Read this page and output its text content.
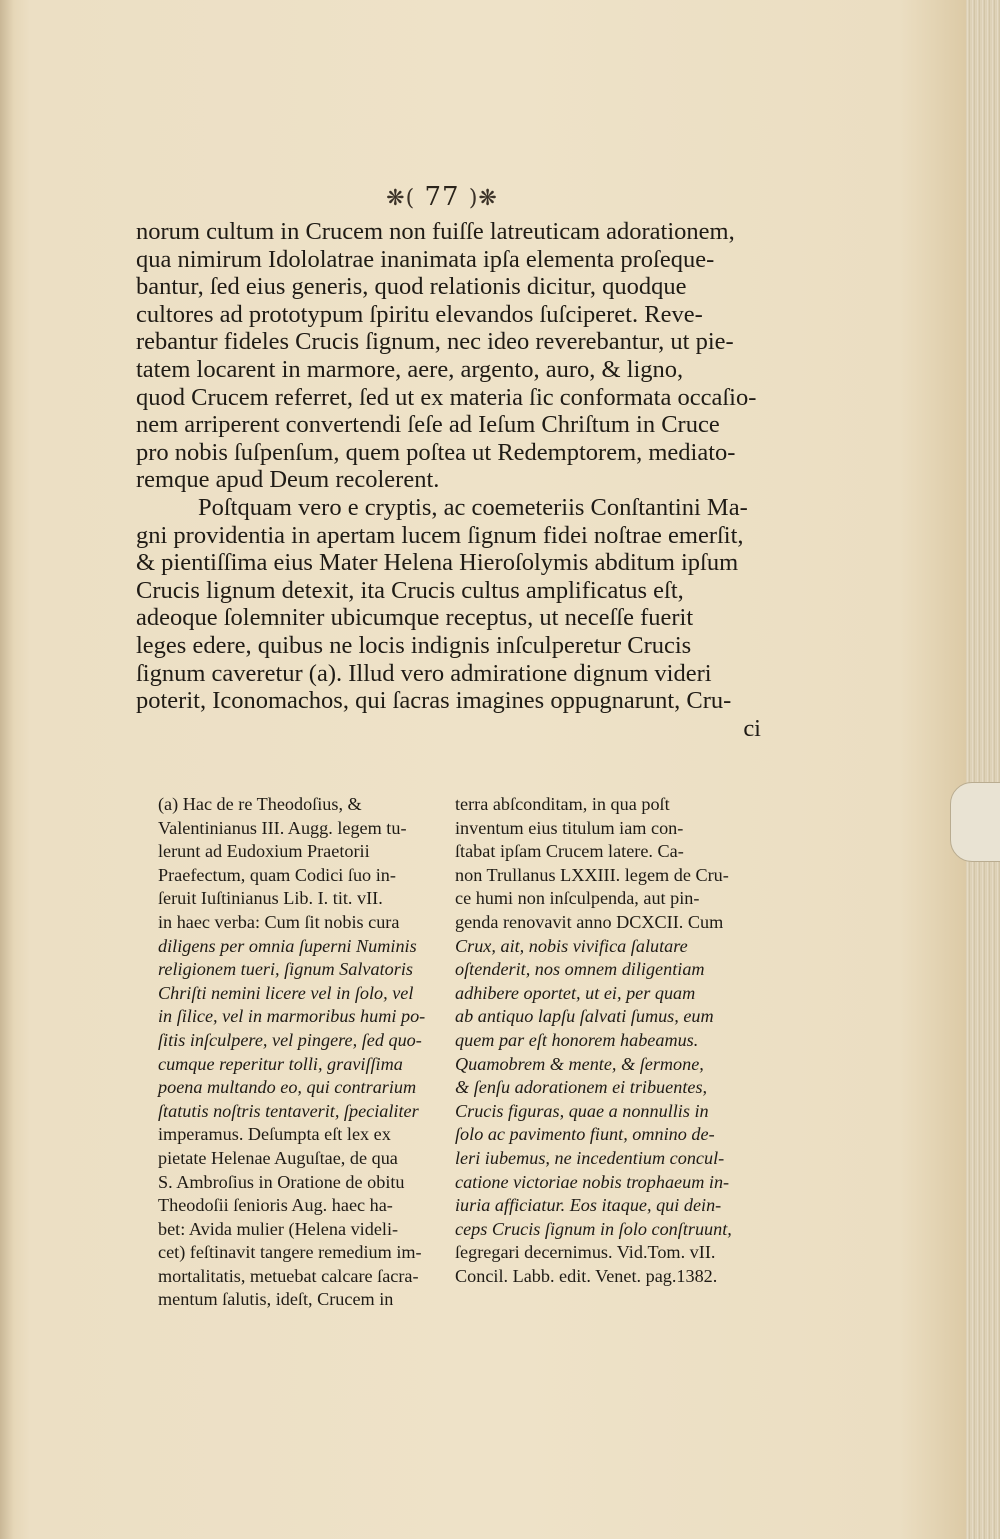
❋( 77 )❋

norum cultum in Crucem non fuiſſe latreuticam adorationem,
qua nimirum Idololatrae inanimata ipſa elementa proſeque-
bantur, ſed eius generis, quod relationis dicitur, quodque
cultores ad prototypum ſpiritu elevandos ſuſciperet. Reve-
rebantur fideles Crucis ſignum, nec ideo reverebantur, ut pie-
tatem locarent in marmore, aere, argento, auro, & ligno,
quod Crucem referret, ſed ut ex materia ſic conformata occaſio-
nem arriperent convertendi ſeſe ad Ieſum Chriſtum in Cruce
pro nobis ſuſpenſum, quem poſtea ut Redemptorem, mediato-
remque apud Deum recolerent.

Poſtquam vero e cryptis, ac coemeteriis Conſtantini Ma-
gni providentia in apertam lucem ſignum fidei noſtrae emerſit,
& pientiſſima eius Mater Helena Hieroſolymis abditum ipſum
Crucis lignum detexit, ita Crucis cultus amplificatus eſt,
adeoque ſolemniter ubicumque receptus, ut neceſſe fuerit
leges edere, quibus ne locis indignis inſculperetur Crucis
ſignum caveretur (a). Illud vero admiratione dignum videri
poterit, Iconomachos, qui ſacras imagines oppugnarunt, Cru-
ci

(a) Hac de re Theodoſius, &
Valentinianus III. Augg. legem tu-
lerunt ad Eudoxium Praetorii
Praefectum, quam Codici ſuo in-
ſeruit Iuſtinianus Lib. I. tit. vII.
in haec verba: Cum ſit nobis cura
diligens per omnia ſuperni Numinis
religionem tueri, ſignum Salvatoris
Chriſti nemini licere vel in ſolo, vel
in ſilice, vel in marmoribus humi po-
ſitis inſculpere, vel pingere, ſed quo-
cumque reperitur tolli, graviſſima
poena multando eo, qui contrarium
ſtatutis noſtris tentaverit, ſpecialiter
imperamus. Deſumpta eſt lex ex
pietate Helenae Auguſtae, de qua
S. Ambroſius in Oratione de obitu
Theodoſii ſenioris Aug. haec ha-
bet: Avida mulier (Helena videli-
cet) feſtinavit tangere remedium im-
mortalitatis, metuebat calcare ſacra-
mentum ſalutis, ideſt, Crucem in
terra abſconditam, in qua poſt
inventum eius titulum iam con-
ſtabat ipſam Crucem latere. Ca-
non Trullanus LXXIII. legem de Cru-
ce humi non inſculpenda, aut pin-
genda renovavit anno DCXCII. Cum
Crux, ait, nobis vivifica ſalutare
oſtenderit, nos omnem diligentiam
adhibere oportet, ut ei, per quam
ab antiquo lapſu ſalvati ſumus, eum
quem par eſt honorem habeamus.
Quamobrem & mente, & ſermone,
& ſenſu adorationem ei tribuentes,
Crucis figuras, quae a nonnullis in
ſolo ac pavimento fiunt, omnino de-
leri iubemus, ne incedentium concul-
catione victoriae nobis trophaeum in-
iuria afficiatur. Eos itaque, qui dein-
ceps Crucis ſignum in ſolo conſtruunt,
ſegregari decernimus. Vid.Tom. vII.
Concil. Labb. edit. Venet. pag.1382.
